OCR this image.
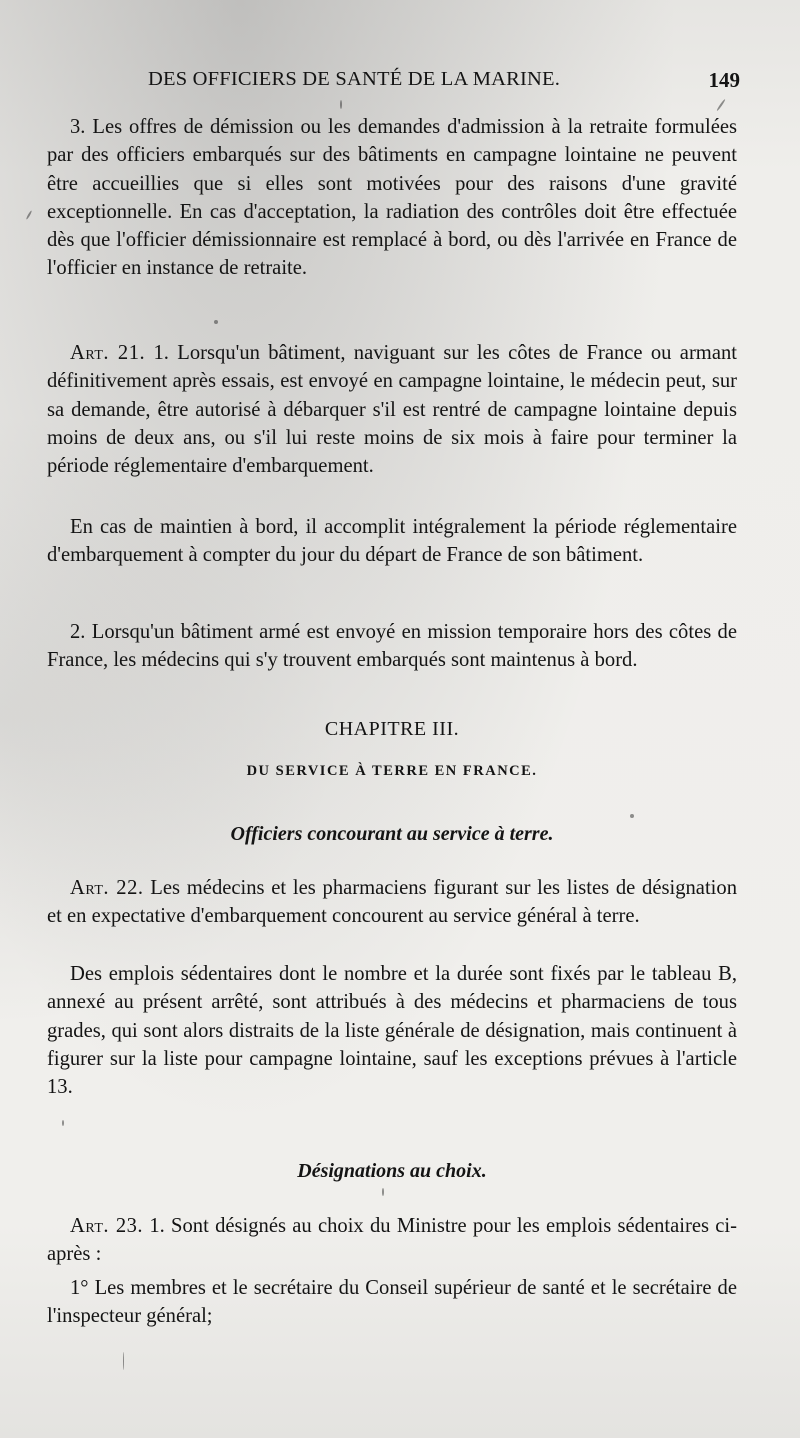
DES OFFICIERS DE SANTÉ DE LA MARINE.	149

3. Les offres de démission ou les demandes d'admission à la retraite formulées par des officiers embarqués sur des bâtiments en campagne lointaine ne peuvent être accueillies que si elles sont motivées pour des raisons d'une gravité exceptionnelle. En cas d'acceptation, la radiation des contrôles doit être effectuée dès que l'officier démissionnaire est remplacé à bord, ou dès l'arrivée en France de l'officier en instance de retraite.

Art. 21. 1. Lorsqu'un bâtiment, naviguant sur les côtes de France ou armant définitivement après essais, est envoyé en campagne lointaine, le médecin peut, sur sa demande, être autorisé à débarquer s'il est rentré de campagne lointaine depuis moins de deux ans, ou s'il lui reste moins de six mois à faire pour terminer la période réglementaire d'embarquement.

En cas de maintien à bord, il accomplit intégralement la période réglementaire d'embarquement à compter du jour du départ de France de son bâtiment.

2. Lorsqu'un bâtiment armé est envoyé en mission temporaire hors des côtes de France, les médecins qui s'y trouvent embarqués sont maintenus à bord.

CHAPITRE III.

DU SERVICE À TERRE EN FRANCE.

Officiers concourant au service à terre.

Art. 22. Les médecins et les pharmaciens figurant sur les listes de désignation et en expectative d'embarquement concourent au service général à terre.

Des emplois sédentaires dont le nombre et la durée sont fixés par le tableau B, annexé au présent arrêté, sont attribués à des médecins et pharmaciens de tous grades, qui sont alors distraits de la liste générale de désignation, mais continuent à figurer sur la liste pour campagne lointaine, sauf les exceptions prévues à l'article 13.

Désignations au choix.

Art. 23. 1. Sont désignés au choix du Ministre pour les emplois sédentaires ci-après :

1° Les membres et le secrétaire du Conseil supérieur de santé et le secrétaire de l'inspecteur général;
